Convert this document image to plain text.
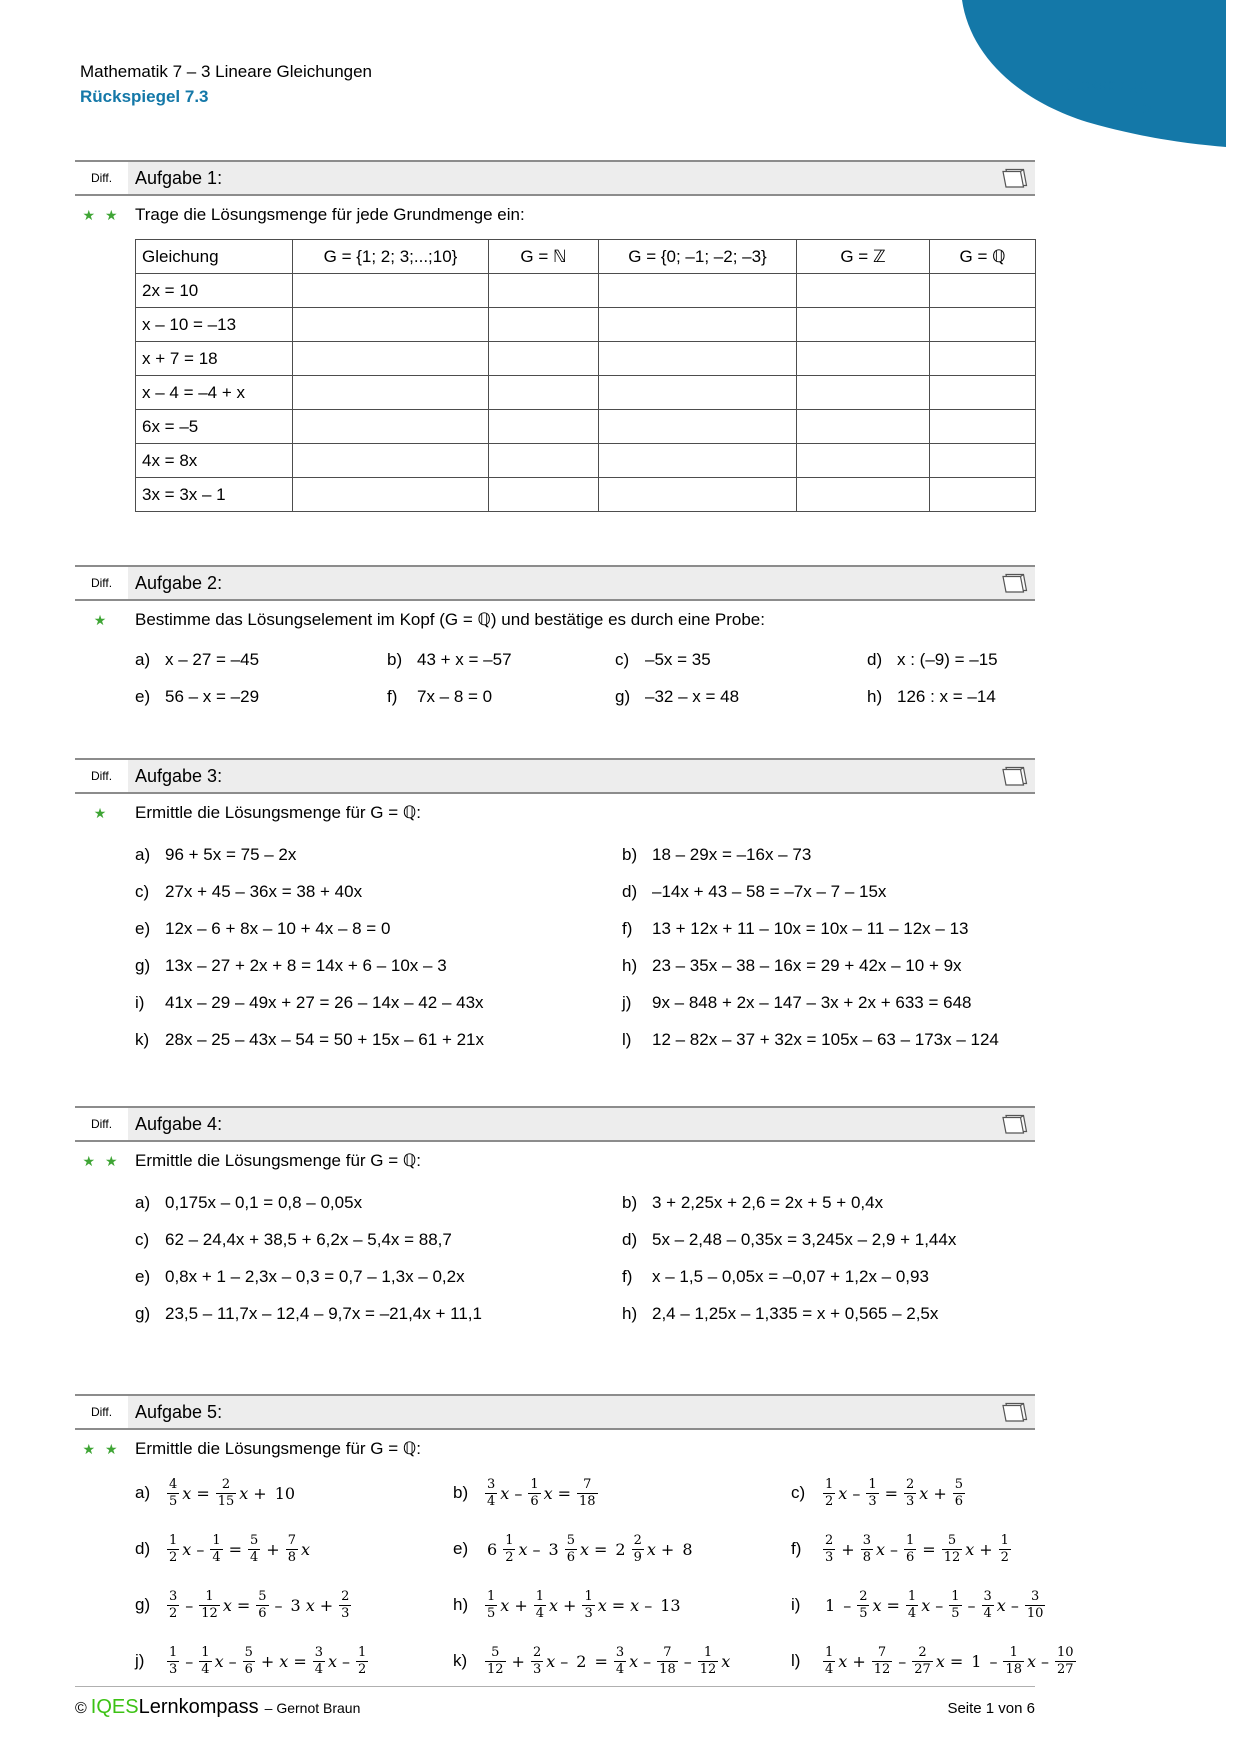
Rückspiegel
7.3
Mathematik 7 – 3 Lineare Gleichungen
Rückspiegel 7.3
Diff.	Aufgabe 1:
★ ★ Trage die Lösungsmenge für jede Grundmenge ein:
Gleichung	G = {1; 2; 3;...;10}	G = ℕ	G = {0; –1; –2; –3}	G = ℤ	G = ℚ
2x = 10					
x – 10 = –13					
x + 7 = 18					
x – 4 = –4 + x					
6x = –5					
4x = 8x					
3x = 3x – 1					
Diff.	Aufgabe 2:
★	Bestimme das Lösungselement im Kopf (G = ℚ) und bestätige es durch eine Probe:
a) x – 27 = –45	b) 43 + x = –57	c) –5x = 35	d) x : (–9) = –15
e) 56 – x = –29	f)	7x – 8 = 0	g) –32 – x = 48	h) 126 : x = –14
Diff.	Aufgabe 3:
★	Ermittle die Lösungsmenge für G = ℚ:
a) 96 + 5x = 75 – 2x	b) 18 – 29x = –16x – 73
c) 27x + 45 – 36x = 38 + 40x	d) –14x + 43 – 58 = –7x – 7 – 15x
e) 12x – 6 + 8x – 10 + 4x – 8 = 0	f)	13 + 12x + 11 – 10x = 10x – 11 – 12x – 13
g) 13x – 27 + 2x + 8 = 14x + 6 – 10x – 3	h) 23 – 35x – 38 – 16x = 29 + 42x – 10 + 9x
i)	41x – 29 – 49x + 27 = 26 – 14x – 42 – 43x	j)	9x – 848 + 2x – 147 – 3x + 2x + 633 = 648
k) 28x – 25 – 43x – 54 = 50 + 15x – 61 + 21x	l)	12 – 82x – 37 + 32x = 105x – 63 – 173x – 124
Diff.	Aufgabe 4:
★ ★ Ermittle die Lösungsmenge für G = ℚ:
a) 0,175x – 0,1 = 0,8 – 0,05x	b) 3 + 2,25x + 2,6 = 2x + 5 + 0,4x
c) 62 – 24,4x + 38,5 + 6,2x – 5,4x = 88,7	d) 5x – 2,48 – 0,35x = 3,245x – 2,9 + 1,44x
e) 0,8x + 1 – 2,3x – 0,3 = 0,7 – 1,3x – 0,2x	f)	x – 1,5 – 0,05x = –0,07 + 1,2x – 0,93
g) 23,5 – 11,7x – 12,4 – 9,7x = –21,4x + 11,1	h) 2,4 – 1,25x – 1,335 = x + 0,565 – 2,5x
Diff.	Aufgabe 5:
★ ★ Ermittle die Lösungsmenge für G = ℚ:
a)	$\frac{4}{5}$ $x = \frac{2}{15}$ x + 10	b)	$\frac{3}{4}$ x – $\frac{1}{6}$ $x = \frac{7}{18}$	c)	$\frac{1}{2}$ $x - \frac{1}{3} = \frac{2}{3}$ $x + \frac{5}{6}$
d)	$\frac{1}{2}$ $x - \frac{1}{4} = \frac{5}{4} + \frac{7}{8}$ x	e)	$6 \frac{1}{2}$ x – $3 \frac{5}{6}$ $x = 2 \frac{2}{9}$ x + 8	f)	$\frac{2}{3} + \frac{3}{8}$ $x - \frac{1}{6} = \frac{5}{12}$ $x + \frac{1}{2}$
g)	$\frac{3}{2} - \frac{1}{12}$ $x = \frac{5}{6} - 3$ $x + \frac{2}{3}$	h)	$\frac{1}{5}$ $x + \frac{1}{4}$ $x + \frac{1}{3}$ x = x – 13	i)	$1 - \frac{2}{5}$ $x = \frac{1}{4}$ x – $\frac{1}{5} - \frac{3}{4}$ x – $\frac{3}{10}$
j)	$\frac{1}{3} - \frac{1}{4}$ $x - \frac{5}{6} + x = \frac{3}{4}$ x – $\frac{1}{2}$	k)	$\frac{5}{12} + \frac{2}{3}$ $x - 2 = \frac{3}{4}$ x – $\frac{7}{18} - \frac{1}{12}$ x	l)	$\frac{1}{4}$ $x + \frac{7}{12} - \frac{2}{27}$ $x = 1 - \frac{1}{18}$ x – $\frac{10}{27}$
© IQESLernkompass – Gernot Braun	Seite 1 von 6
